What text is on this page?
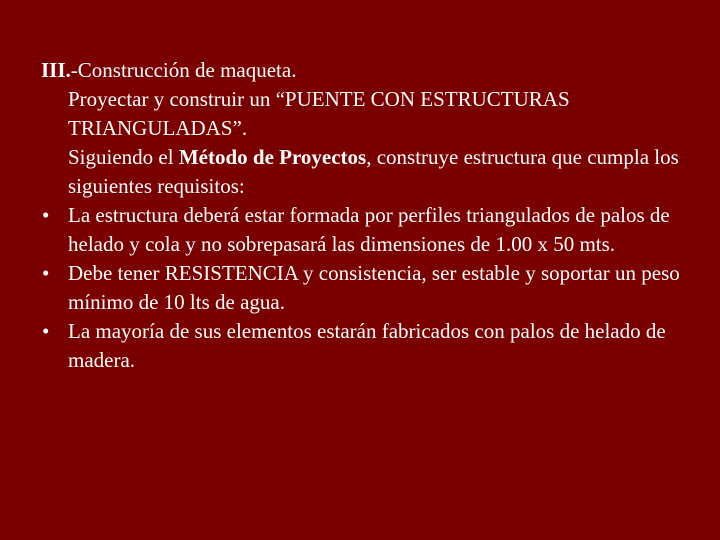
III.-Construcción de maqueta.
Proyectar y construir un “PUENTE CON ESTRUCTURAS TRIANGULADAS”.
Siguiendo el Método de Proyectos, construye estructura que cumpla los siguientes requisitos:
• La estructura deberá estar formada por perfiles triangulados de palos de helado y cola y no sobrepasará las dimensiones de 1.00 x 50 mts.
• Debe tener RESISTENCIA y consistencia, ser estable y soportar un peso mínimo de 10 lts de agua.
• La mayoría de sus elementos estarán fabricados con palos de helado de madera.
